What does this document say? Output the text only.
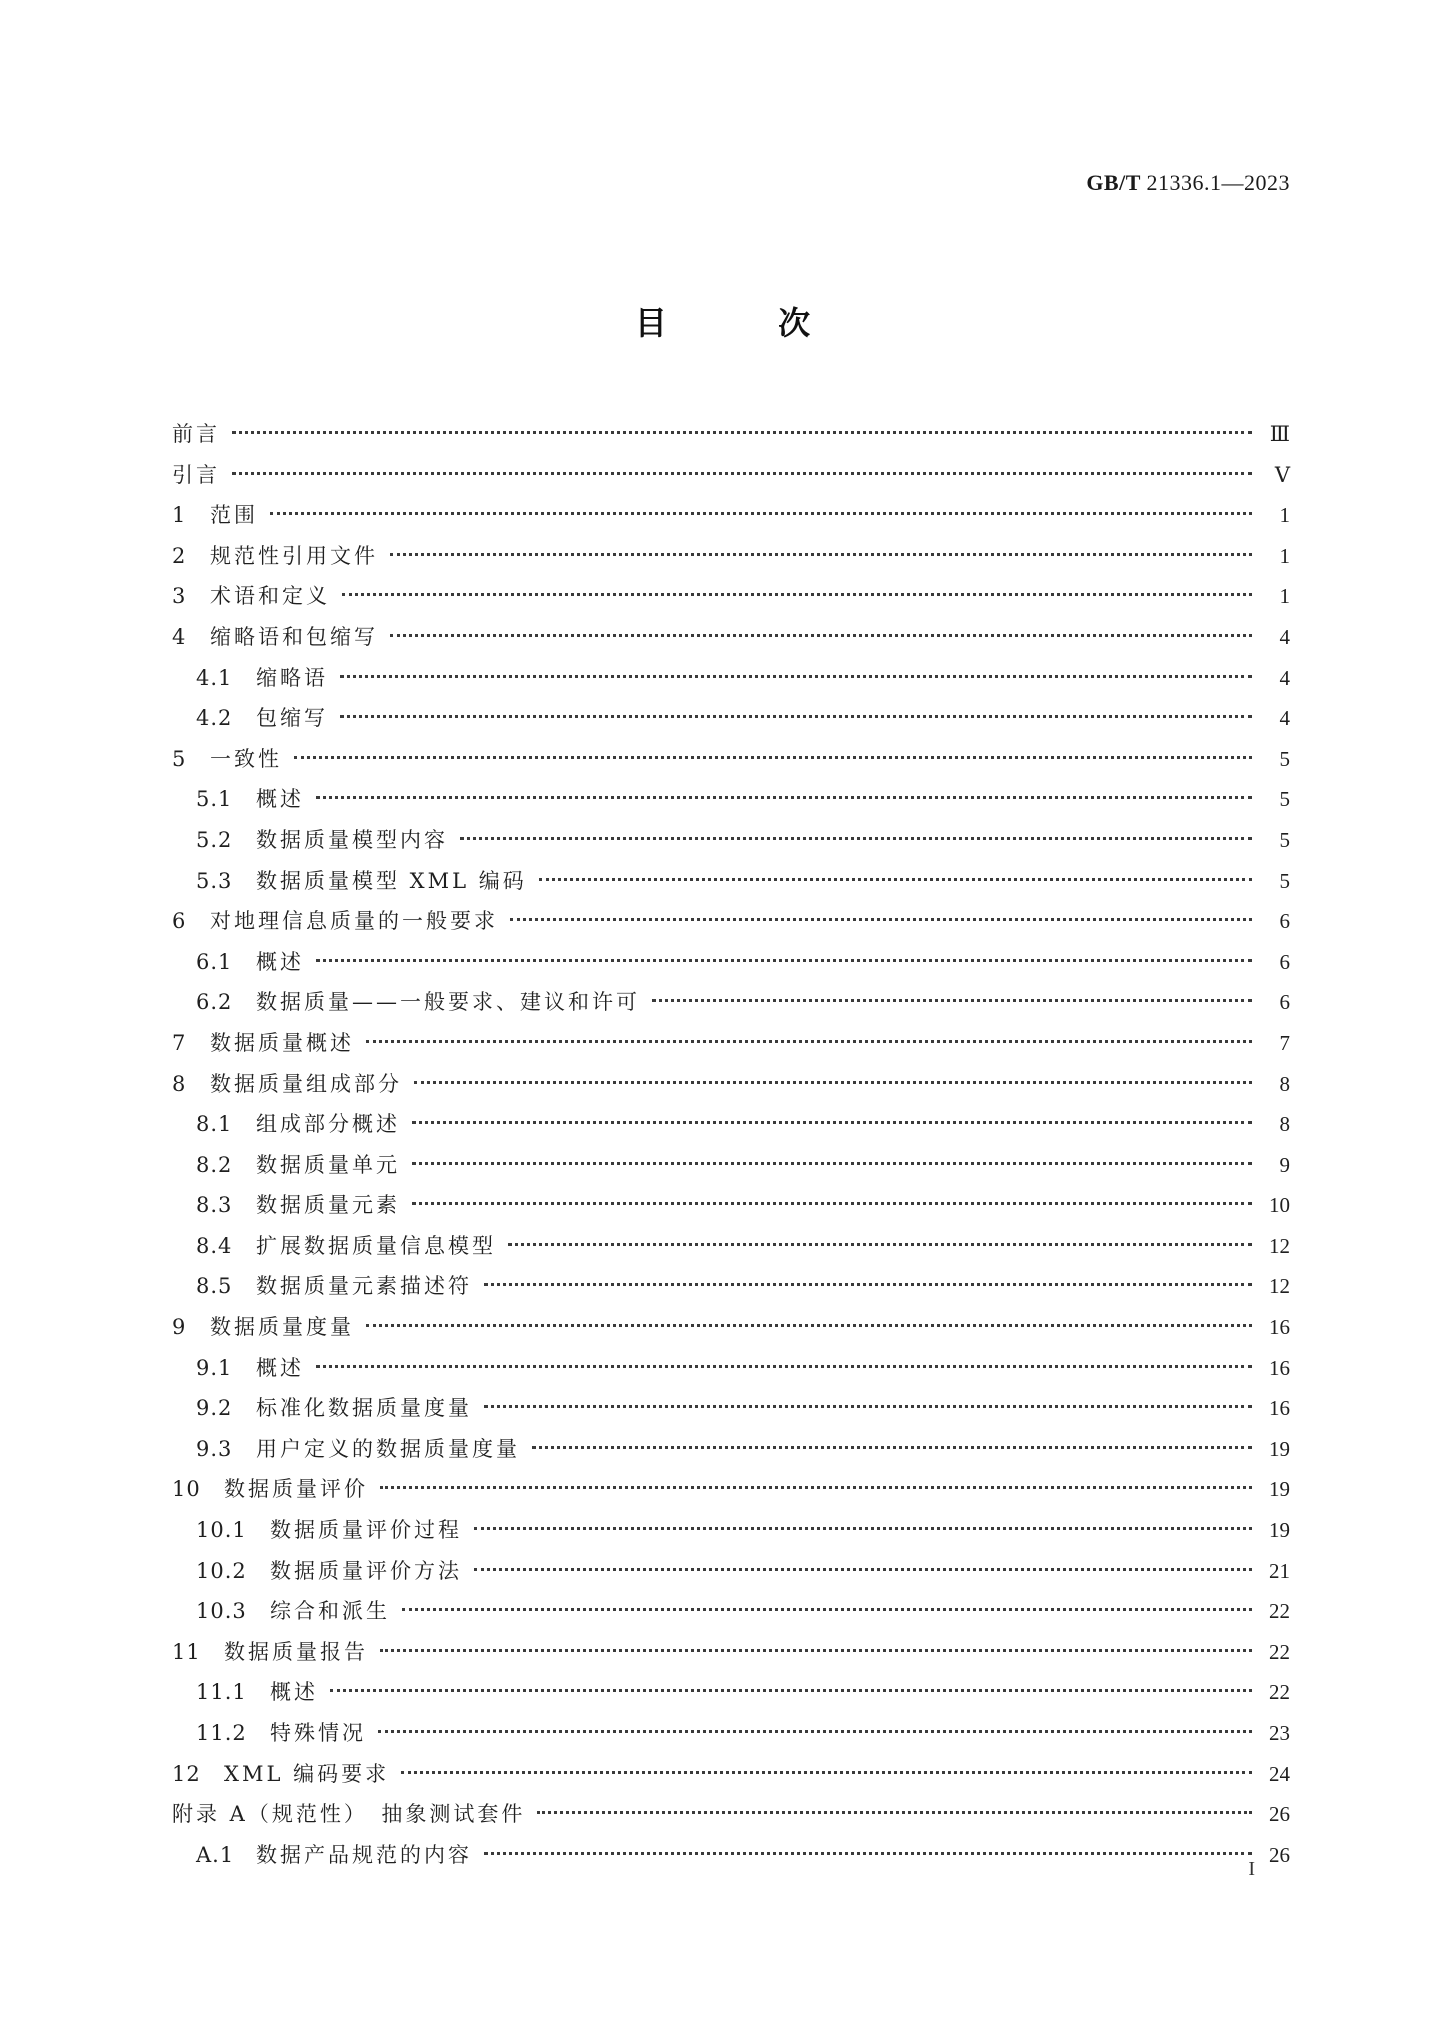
GB/T 21336.1—2023
目 次
前言	Ⅲ
引言	Ⅴ
1	范围	1
2	规范性引用文件	1
3	术语和定义	1
4	缩略语和包缩写	4
4.1	缩略语	4
4.2	包缩写	4
5	一致性	5
5.1	概述	5
5.2	数据质量模型内容	5
5.3	数据质量模型 XML 编码	5
6	对地理信息质量的一般要求	6
6.1	概述	6
6.2	数据质量——一般要求、建议和许可	6
7	数据质量概述	7
8	数据质量组成部分	8
8.1	组成部分概述	8
8.2	数据质量单元	9
8.3	数据质量元素	10
8.4	扩展数据质量信息模型	12
8.5	数据质量元素描述符	12
9	数据质量度量	16
9.1	概述	16
9.2	标准化数据质量度量	16
9.3	用户定义的数据质量度量	19
10	数据质量评价	19
10.1	数据质量评价过程	19
10.2	数据质量评价方法	21
10.3	综合和派生	22
11	数据质量报告	22
11.1	概述	22
11.2	特殊情况	23
12	XML 编码要求	24
附录 A（规范性）　抽象测试套件	26
A.1	数据产品规范的内容	26
I
